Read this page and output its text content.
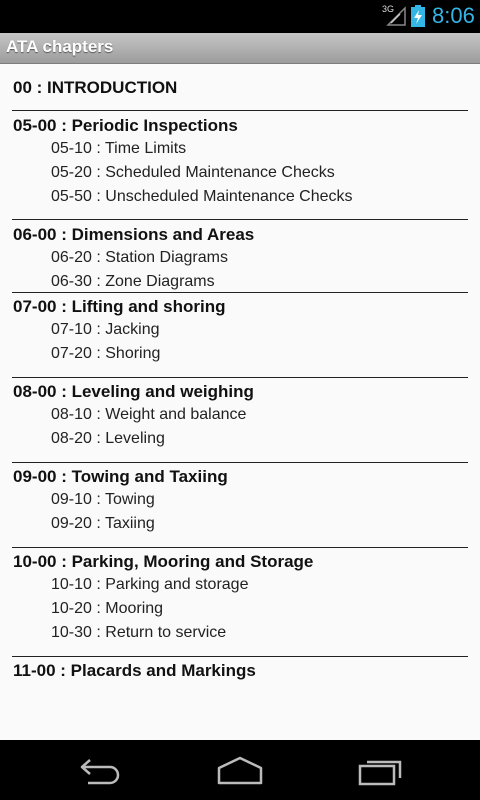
3G 8:06
ATA chapters
00 : INTRODUCTION
05-00 : Periodic Inspections
05-10 : Time Limits
05-20 : Scheduled Maintenance Checks
05-50 : Unscheduled Maintenance Checks
06-00 : Dimensions and Areas
06-20 : Station Diagrams
06-30 : Zone Diagrams
07-00 : Lifting and shoring
07-10 : Jacking
07-20 : Shoring
08-00 : Leveling and weighing
08-10 : Weight and balance
08-20 : Leveling
09-00 : Towing and Taxiing
09-10 : Towing
09-20 : Taxiing
10-00 : Parking, Mooring and Storage
10-10 : Parking and storage
10-20 : Mooring
10-30 : Return to service
11-00 : Placards and Markings
